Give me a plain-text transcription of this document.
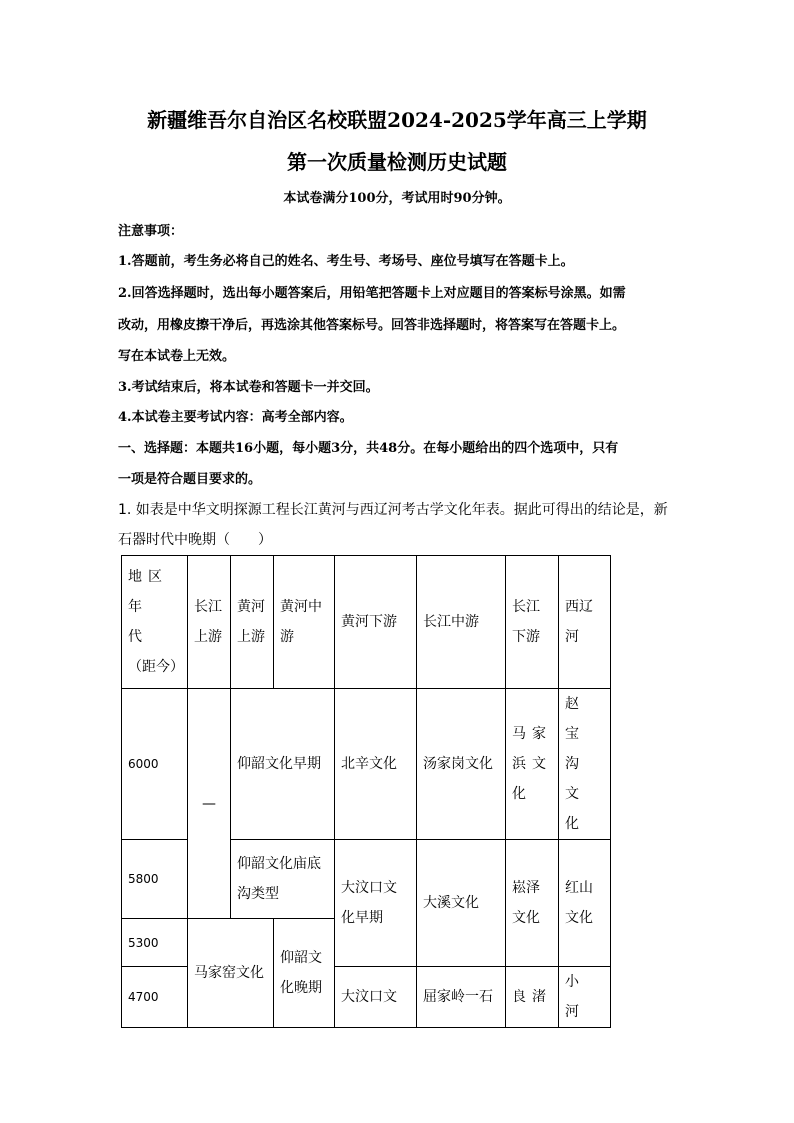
新疆维吾尔自治区名校联盟2024-2025学年高三上学期
第一次质量检测历史试题
本试卷满分100分，考试用时90分钟。
注意事项：
1.答题前，考生务必将自己的姓名、考生号、考场号、座位号填写在答题卡上。
2.回答选择题时，选出每小题答案后，用铅笔把答题卡上对应题目的答案标号涂黑。如需
改动，用橡皮擦干净后，再选涂其他答案标号。回答非选择题时，将答案写在答题卡上。
写在本试卷上无效。
3.考试结束后，将本试卷和答题卡一并交回。
4.本试卷主要考试内容：高考全部内容。
一、选择题：本题共16小题，每小题3分，共48分。在每小题给出的四个选项中，只有
一项是符合题目要求的。
1. 如表是中华文明探源工程长江黄河与西辽河考古学文化年表。据此可得出的结论是，新
石器时代中晚期（　　）
地区年
代
（距今）	长江上游	黄河上游	黄河中游	黄河下游	长江中游	长江下游	西辽河
6000	—	仰韶文化早期		北辛文化	汤家岗文化	马家浜文化	赵宝沟文化
5800		仰韶文化庙底沟类型		大汶口文化早期	大溪文化	崧泽文化	红山文化
5300	马家窑文化		仰韶文化晚期				
4700				大汶口文	屈家岭一石	良渚	小河
